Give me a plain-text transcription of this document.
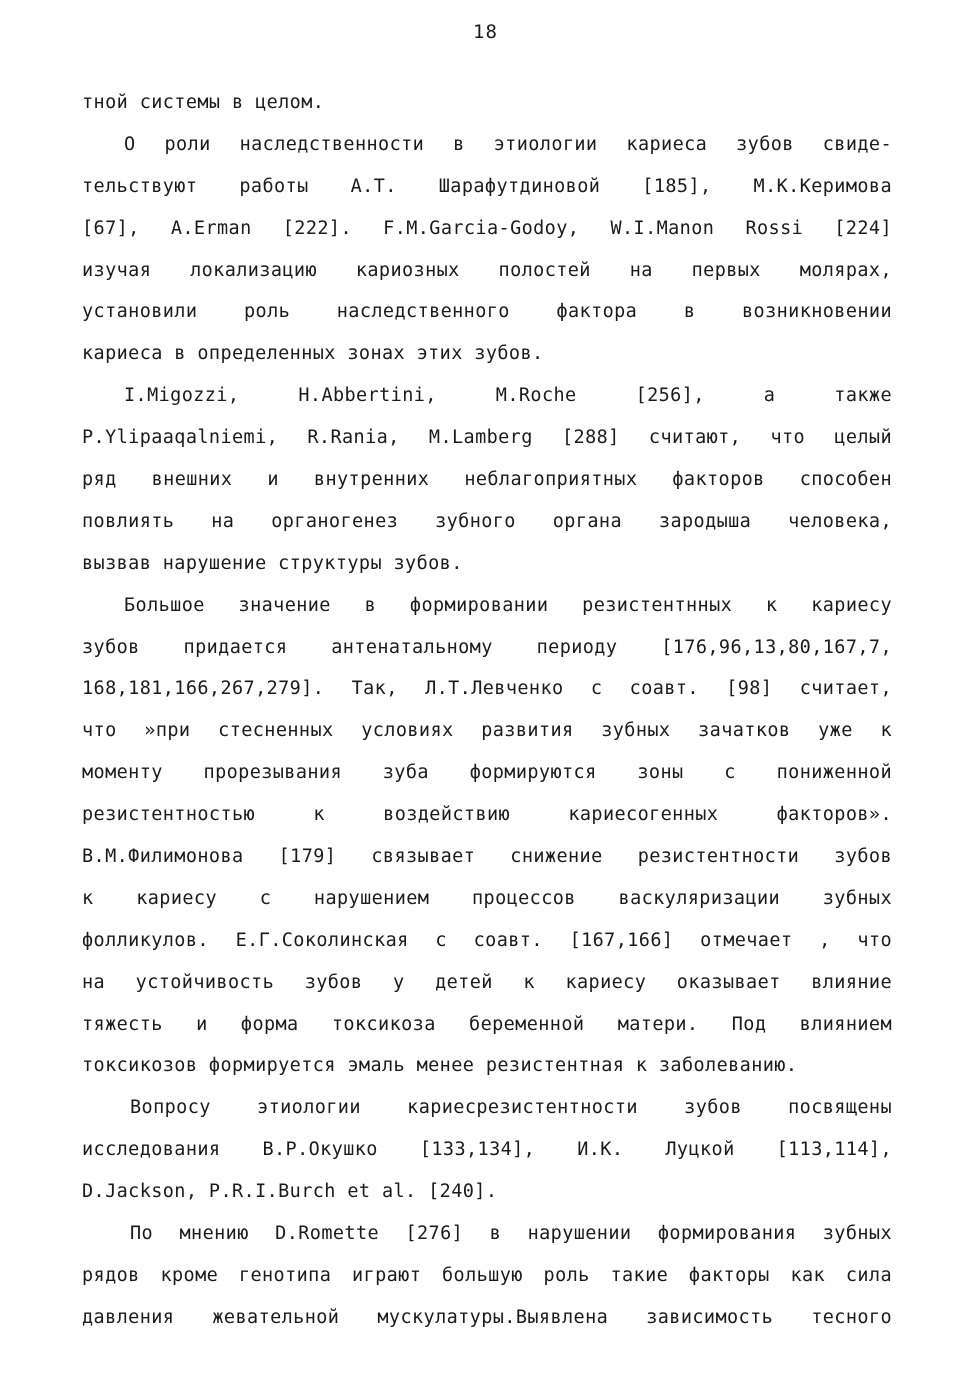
18
тной системы в целом.
О роли наследственности в этиологии кариеса зубов свиде-
тельствуют работы А.Т. Шарафутдиновой [185], М.К.Керимова
[67], A.Erman [222]. F.M.Garcia-Godoy, W.I.Manon Rossi [224]
изучая локализацию кариозных полостей на первых молярах,
установили роль наследственного фактора в возникновении
кариеса в определенных зонах этих зубов.
I.Migozzi, H.Abbertini, M.Roche [256], а также
P.Ylipaaqalniemi, R.Rania, M.Lamberg [288] считают, что целый
ряд внешних и внутренних неблагоприятных факторов способен
повлиять на органогенез зубного органа зародыша человека,
вызвав нарушение структуры зубов.
Большое значение в формировании резистентнных к кариесу
зубов придается антенатальному периоду [176,96,13,80,167,7,
168,181,166,267,279]. Так, Л.Т.Левченко с соавт. [98] считает,
что »при стесненных условиях развития зубных зачатков уже к
моменту прорезывания зуба формируются зоны с пониженной
резистентностью к воздействию кариесогенных факторов».
В.М.Филимонова [179] связывает снижение резистентности зубов
к кариесу с нарушением процессов васкуляризации зубных
фолликулов. Е.Г.Соколинская с соавт. [167,166] отмечает , что
на устойчивость зубов у детей к кариесу оказывает влияние
тяжесть и форма токсикоза беременной матери. Под влиянием
токсикозов формируется эмаль менее резистентная к заболеванию.
Вопросу этиологии кариесрезистентности зубов посвящены
исследования В.Р.Окушко [133,134], И.К. Луцкой [113,114],
D.Jackson, P.R.I.Burch et al. [240].
По мнению D.Romette [276] в нарушении формирования зубных
рядов кроме генотипа играют большую роль такие факторы как сила
давления жевательной мускулатуры.Выявлена зависимость тесного
